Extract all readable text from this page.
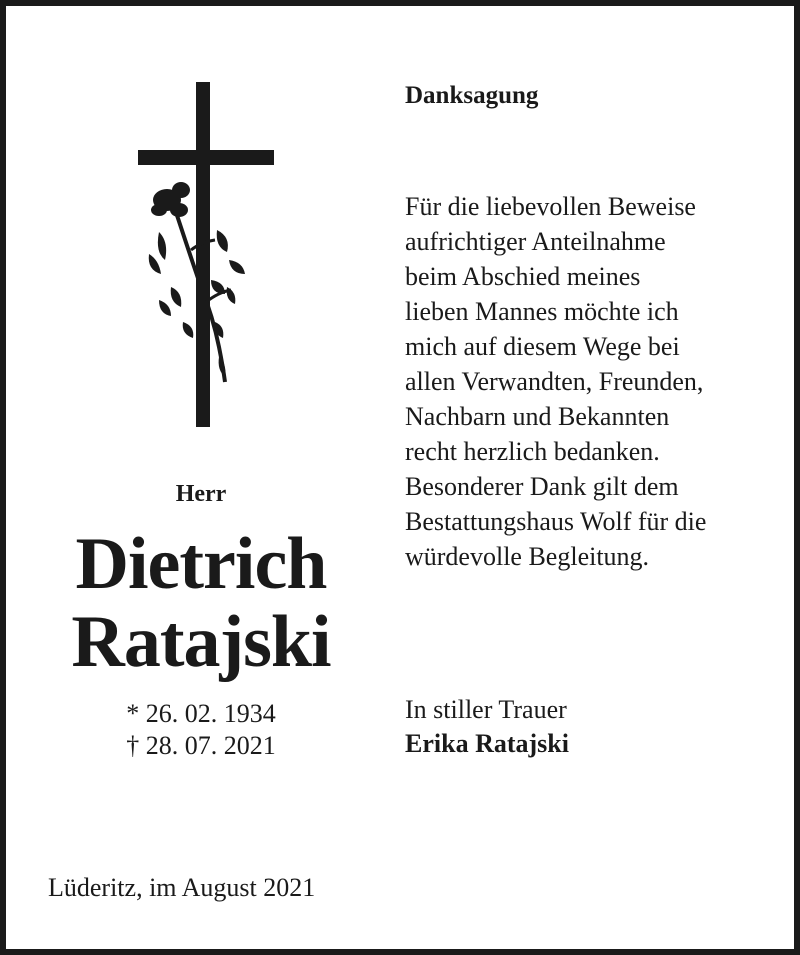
Herr
Dietrich
Ratajski
* 26. 02. 1934
† 28. 07. 2021
Lüderitz, im August 2021
Danksagung
Für die liebevollen Beweise
aufrichtiger Anteilnahme
beim Abschied meines
lieben Mannes möchte ich
mich auf diesem Wege bei
allen Verwandten, Freunden,
Nachbarn und Bekannten
recht herzlich bedanken.
Besonderer Dank gilt dem
Bestattungshaus Wolf für die
würdevolle Begleitung.
In stiller Trauer
Erika Ratajski
